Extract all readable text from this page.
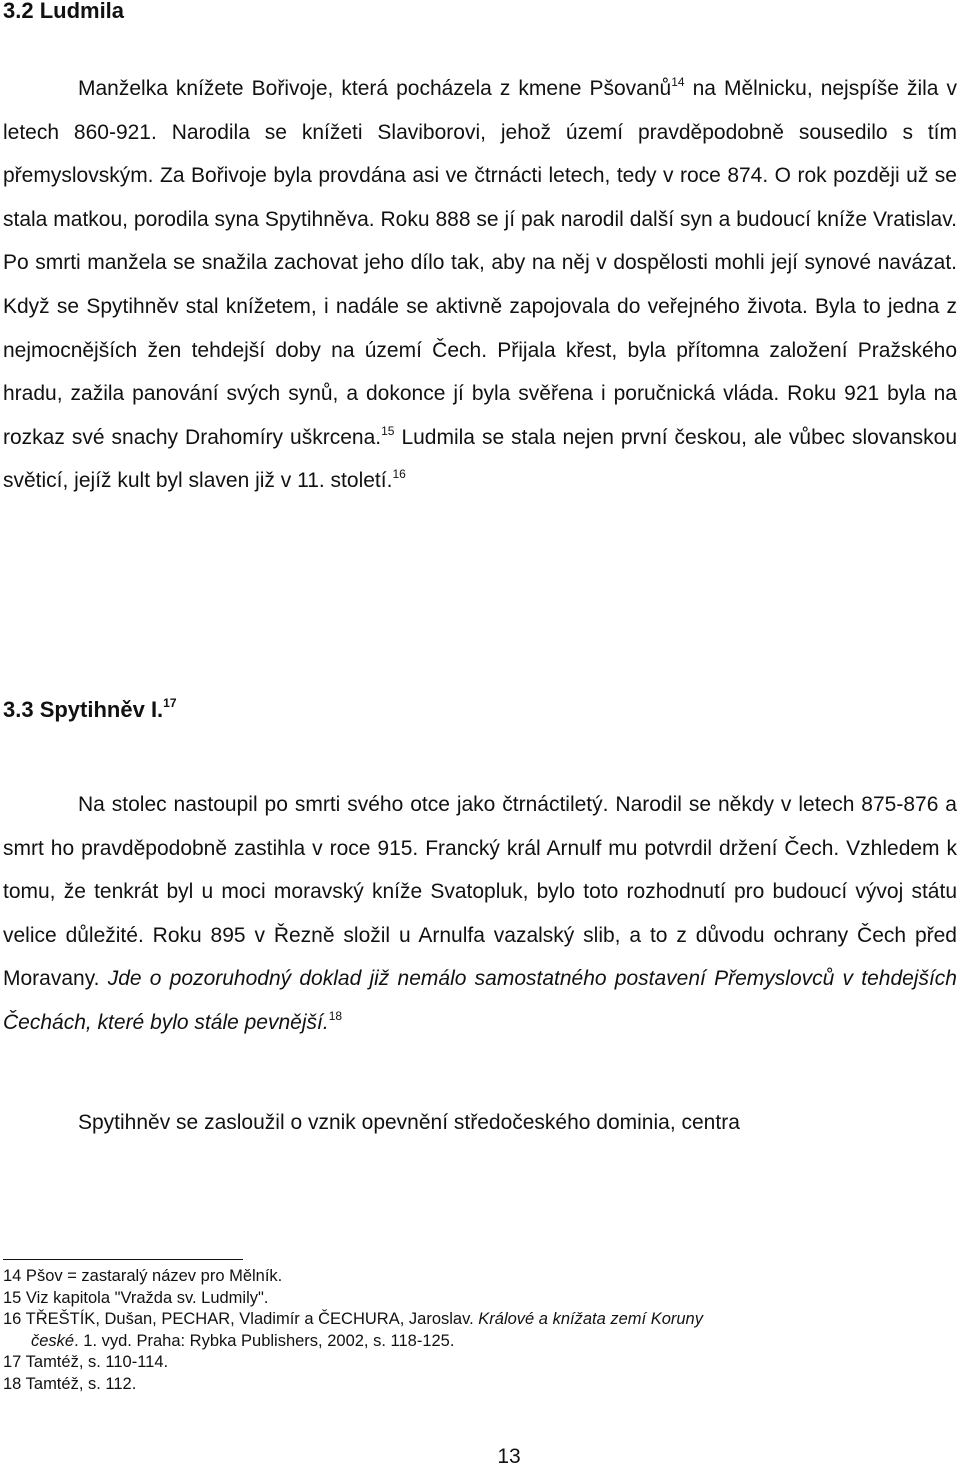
3.2 Ludmila

Manželka knížete Bořivoje, která pocházela z kmene Pšovanů$^{14}$ na Mělnicku, nejspíše žila v letech 860-921. Narodila se knížeti Slaviborovi, jehož území pravděpodobně sousedilo s tím přemyslovským. Za Bořivoje byla provdána asi ve čtrnácti letech, tedy v roce 874. O rok později už se stala matkou, porodila syna Spytihněva. Roku 888 se jí pak narodil další syn a budoucí kníže Vratislav. Po smrti manžela se snažila zachovat jeho dílo tak, aby na něj v dospělosti mohli její synové navázat. Když se Spytihněv stal knížetem, i nadále se aktivně zapojovala do veřejného života. Byla to jedna z nejmocnějších žen tehdejší doby na území Čech. Přijala křest, byla přítomna založení Pražského hradu, zažila panování svých synů, a dokonce jí byla svěřena i poručnická vláda. Roku 921 byla na rozkaz své snachy Drahomíry uškrcena.$^{15}$ Ludmila se stala nejen první českou, ale vůbec slovanskou světicí, jejíž kult byl slaven již v 11. století.$^{16}$

3.3 Spytihněv I.$^{17}$

Na stolec nastoupil po smrti svého otce jako čtrnáctiletý. Narodil se někdy v letech 875-876 a smrt ho pravděpodobně zastihla v roce 915. Francký král Arnulf mu potvrdil držení Čech. Vzhledem k tomu, že tenkrát byl u moci moravský kníže Svatopluk, bylo toto rozhodnutí pro budoucí vývoj státu velice důležité. Roku 895 v Řezně složil u Arnulfa vazalský slib, a to z důvodu ochrany Čech před Moravany. Jde o pozoruhodný doklad již nemálo samostatného postavení Přemyslovců v tehdejších Čechách, které bylo stále pevnější.$^{18}$

Spytihněv se zasloužil o vznik opevnění středočeského dominia, centra

14 Pšov = zastaralý název pro Mělník.

15 Viz kapitola "Vražda sv. Ludmily".

16 TŘEŠTÍK, Dušan, PECHAR, Vladimír a ČECHURA, Jaroslav. Králové a knížata zemí Koruny

české. 1. vyd. Praha: Rybka Publishers, 2002, s. 118-125.

17 Tamtéž, s. 110-114.

18 Tamtéž, s. 112.

13
